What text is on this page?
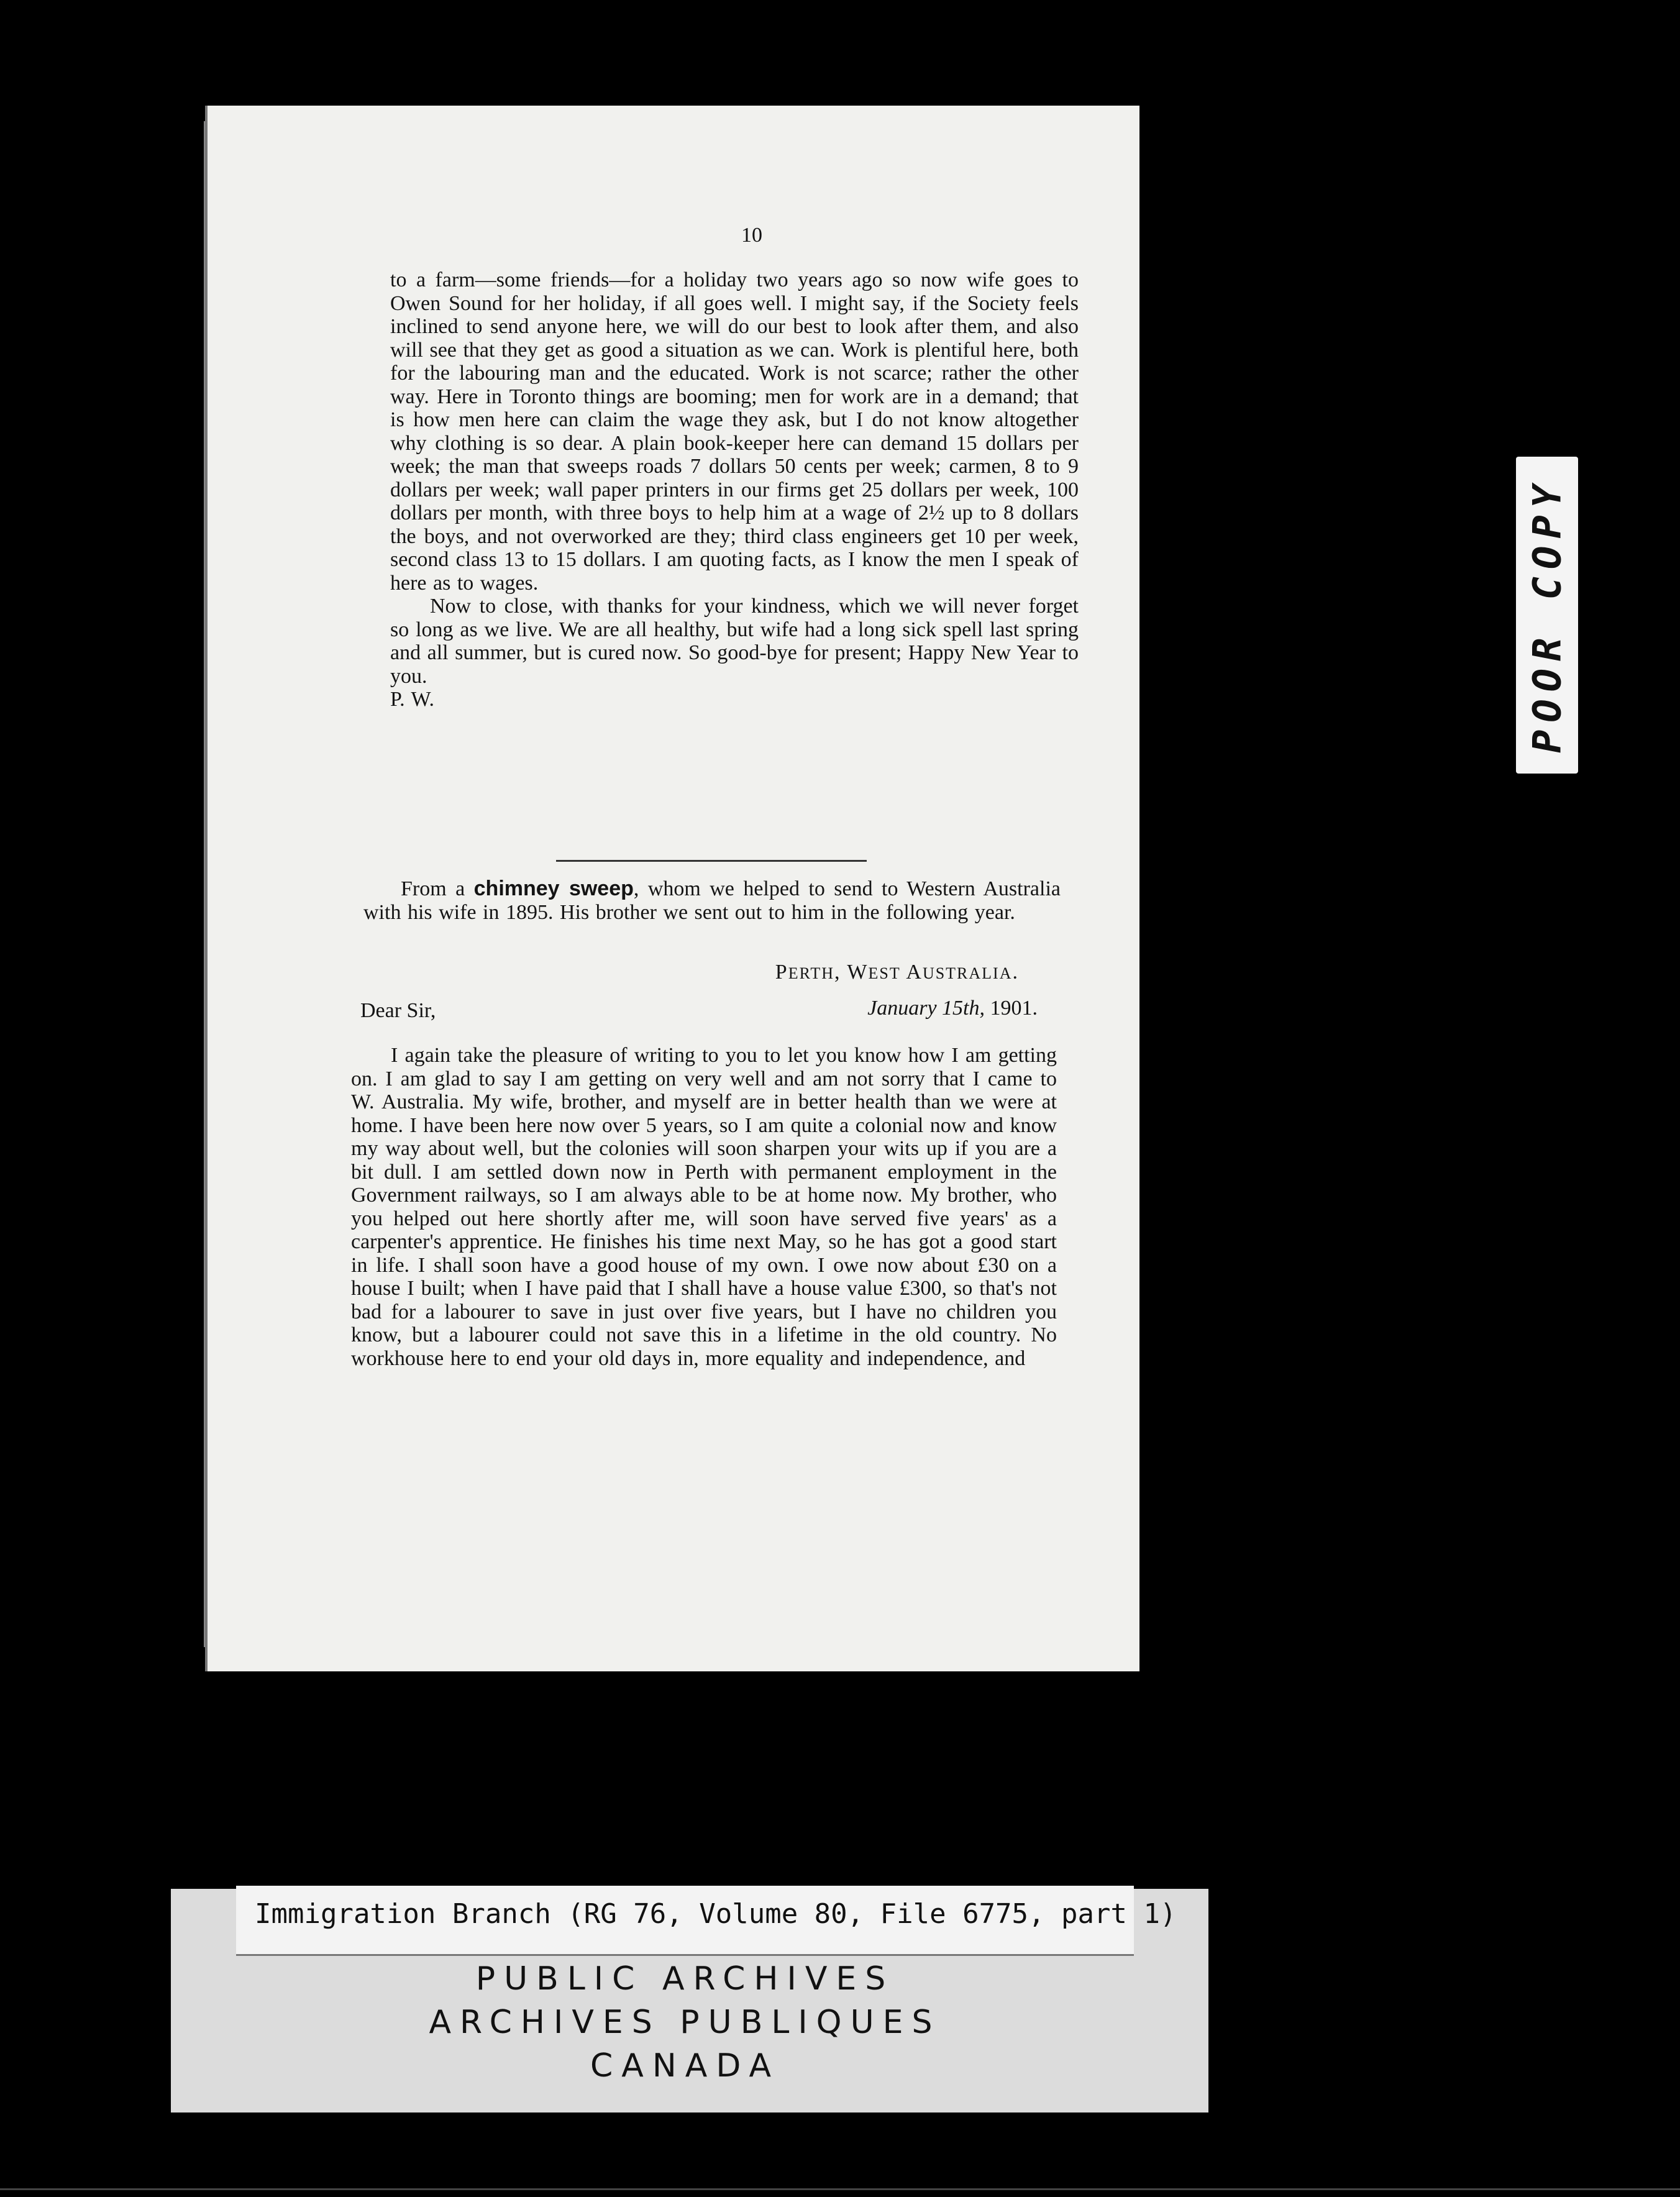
10

to a farm—some friends—for a holiday two years ago so now wife goes to Owen Sound for her holiday, if all goes well. I might say, if the Society feels inclined to send anyone here, we will do our best to look after them, and also will see that they get as good a situation as we can. Work is plentiful here, both for the labouring man and the educated. Work is not scarce; rather the other way. Here in Toronto things are booming; men for work are in a demand; that is how men here can claim the wage they ask, but I do not know altogether why clothing is so dear. A plain book-keeper here can demand 15 dollars per week; the man that sweeps roads 7 dollars 50 cents per week; carmen, 8 to 9 dollars per week; wall paper printers in our firms get 25 dollars per week, 100 dollars per month, with three boys to help him at a wage of 2½ up to 8 dollars the boys, and not overworked are they; third class engineers get 10 per week, second class 13 to 15 dollars. I am quoting facts, as I know the men I speak of here as to wages.

Now to close, with thanks for your kindness, which we will never forget so long as we live. We are all healthy, but wife had a long sick spell last spring and all summer, but is cured now. So good-bye for present; Happy New Year to you.

P. W.

From a chimney sweep, whom we helped to send to Western Australia with his wife in 1895. His brother we sent out to him in the following year.
PERTH, WEST AUSTRALIA.
January 15th, 1901.
Dear Sir,
I again take the pleasure of writing to you to let you know how I am getting on. I am glad to say I am getting on very well and am not sorry that I came to W. Australia. My wife, brother, and myself are in better health than we were at home. I have been here now over 5 years, so I am quite a colonial now and know my way about well, but the colonies will soon sharpen your wits up if you are a bit dull. I am settled down now in Perth with permanent employment in the Government railways, so I am always able to be at home now. My brother, who you helped out here shortly after me, will soon have served five years' as a carpenter's apprentice. He finishes his time next May, so he has got a good start in life. I shall soon have a good house of my own. I owe now about £30 on a house I built; when I have paid that I shall have a house value £300, so that's not bad for a labourer to save in just over five years, but I have no children you know, but a labourer could not save this in a lifetime in the old country. No workhouse here to end your old days in, more equality and independence, and
POOR COPY
Immigration Branch (RG 76, Volume 80, File 6775, part 1)
PUBLIC ARCHIVES
ARCHIVES PUBLIQUES
CANADA
